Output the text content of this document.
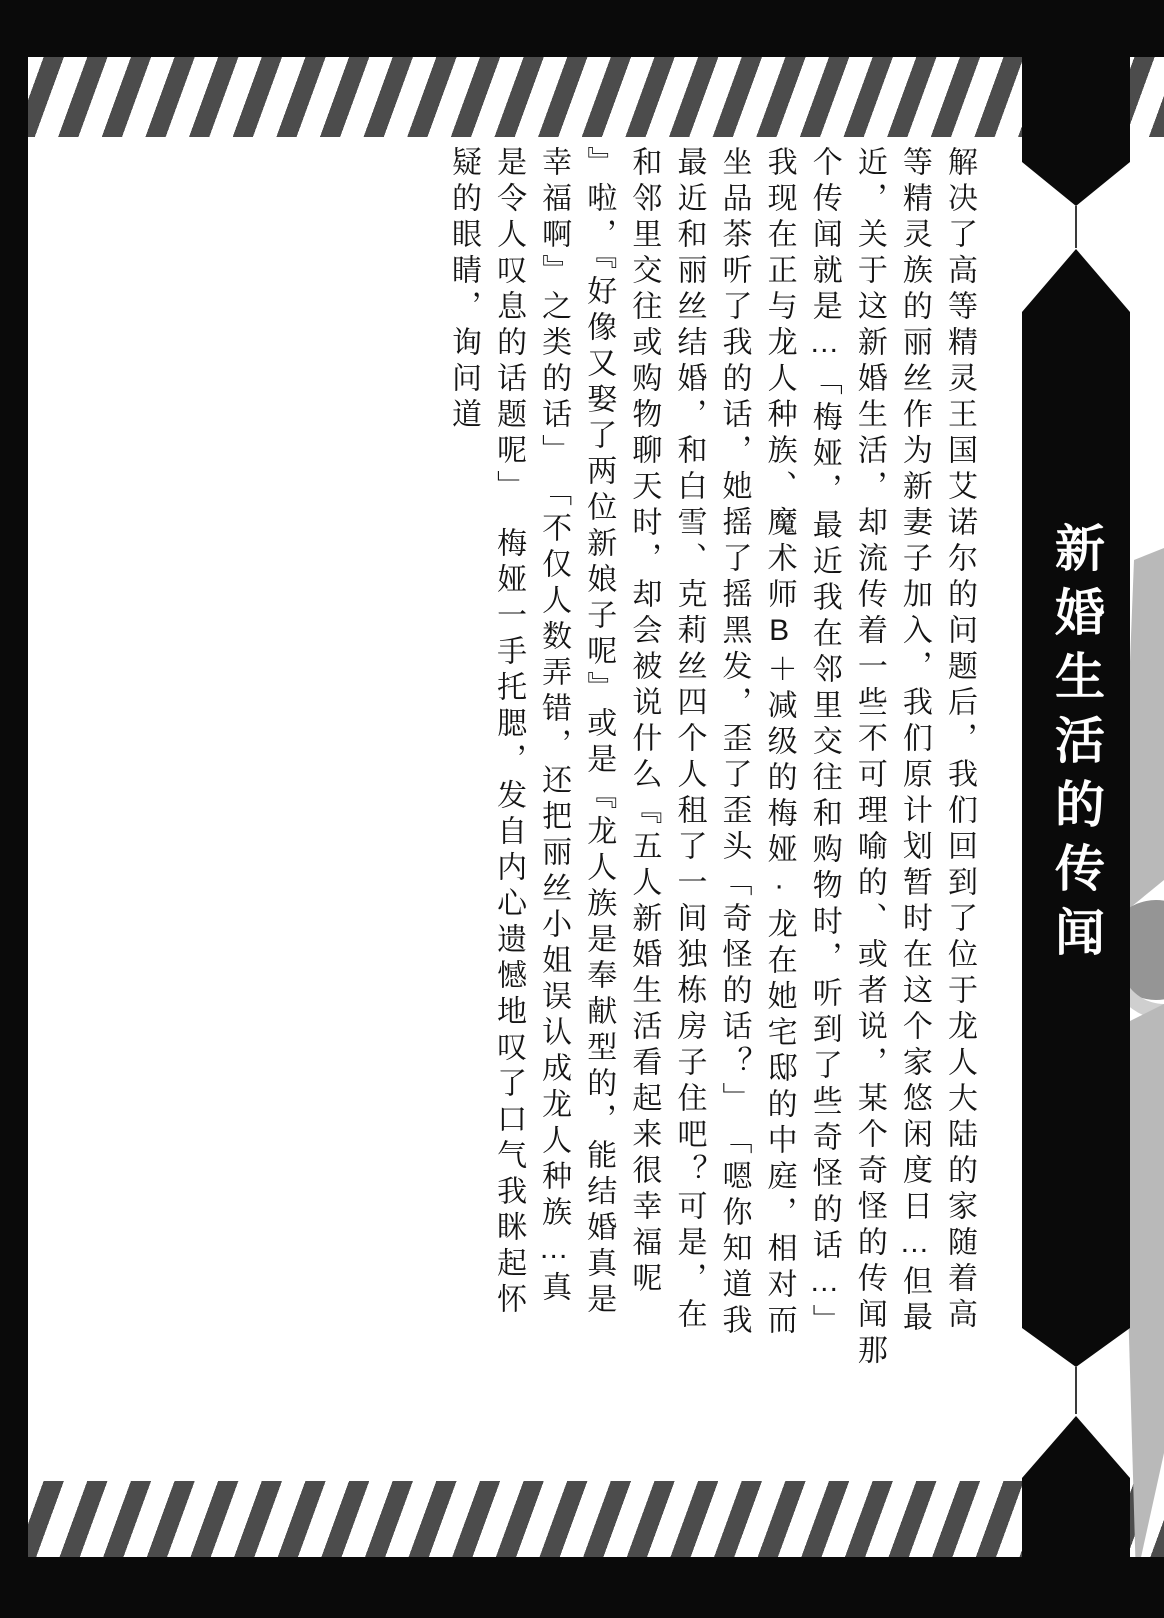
新婚生活的传闻
解决了高等精灵王国艾诺尔的问题后，我们回到了位于龙人大陆的家随着高
等精灵族的丽丝作为新妻子加入，我们原计划暂时在这个家悠闲度日…但最
近，关于这新婚生活，却流传着一些不可理喻的、或者说，某个奇怪的传闻那
个传闻就是…「梅娅，最近我在邻里交往和购物时，听到了些奇怪的话…」
我现在正与龙人种族、魔术师B＋减级的梅娅·龙在她宅邸的中庭，相对而
坐品茶听了我的话，她摇了摇黑发，歪了歪头「奇怪的话？」　「嗯你知道我
最近和丽丝结婚，和白雪、克莉丝四个人租了一间独栋房子住吧？可是，在
和邻里交往或购物聊天时，却会被说什么『五人新婚生活看起来很幸福呢
』啦，『好像又娶了两位新娘子呢』或是『龙人族是奉献型的，能结婚真是
幸福啊』之类的话」　「不仅人数弄错，还把丽丝小姐误认成龙人种族…真
是令人叹息的话题呢」　梅娅一手托腮，发自内心遗憾地叹了口气我眯起怀
疑的眼睛，询问道
